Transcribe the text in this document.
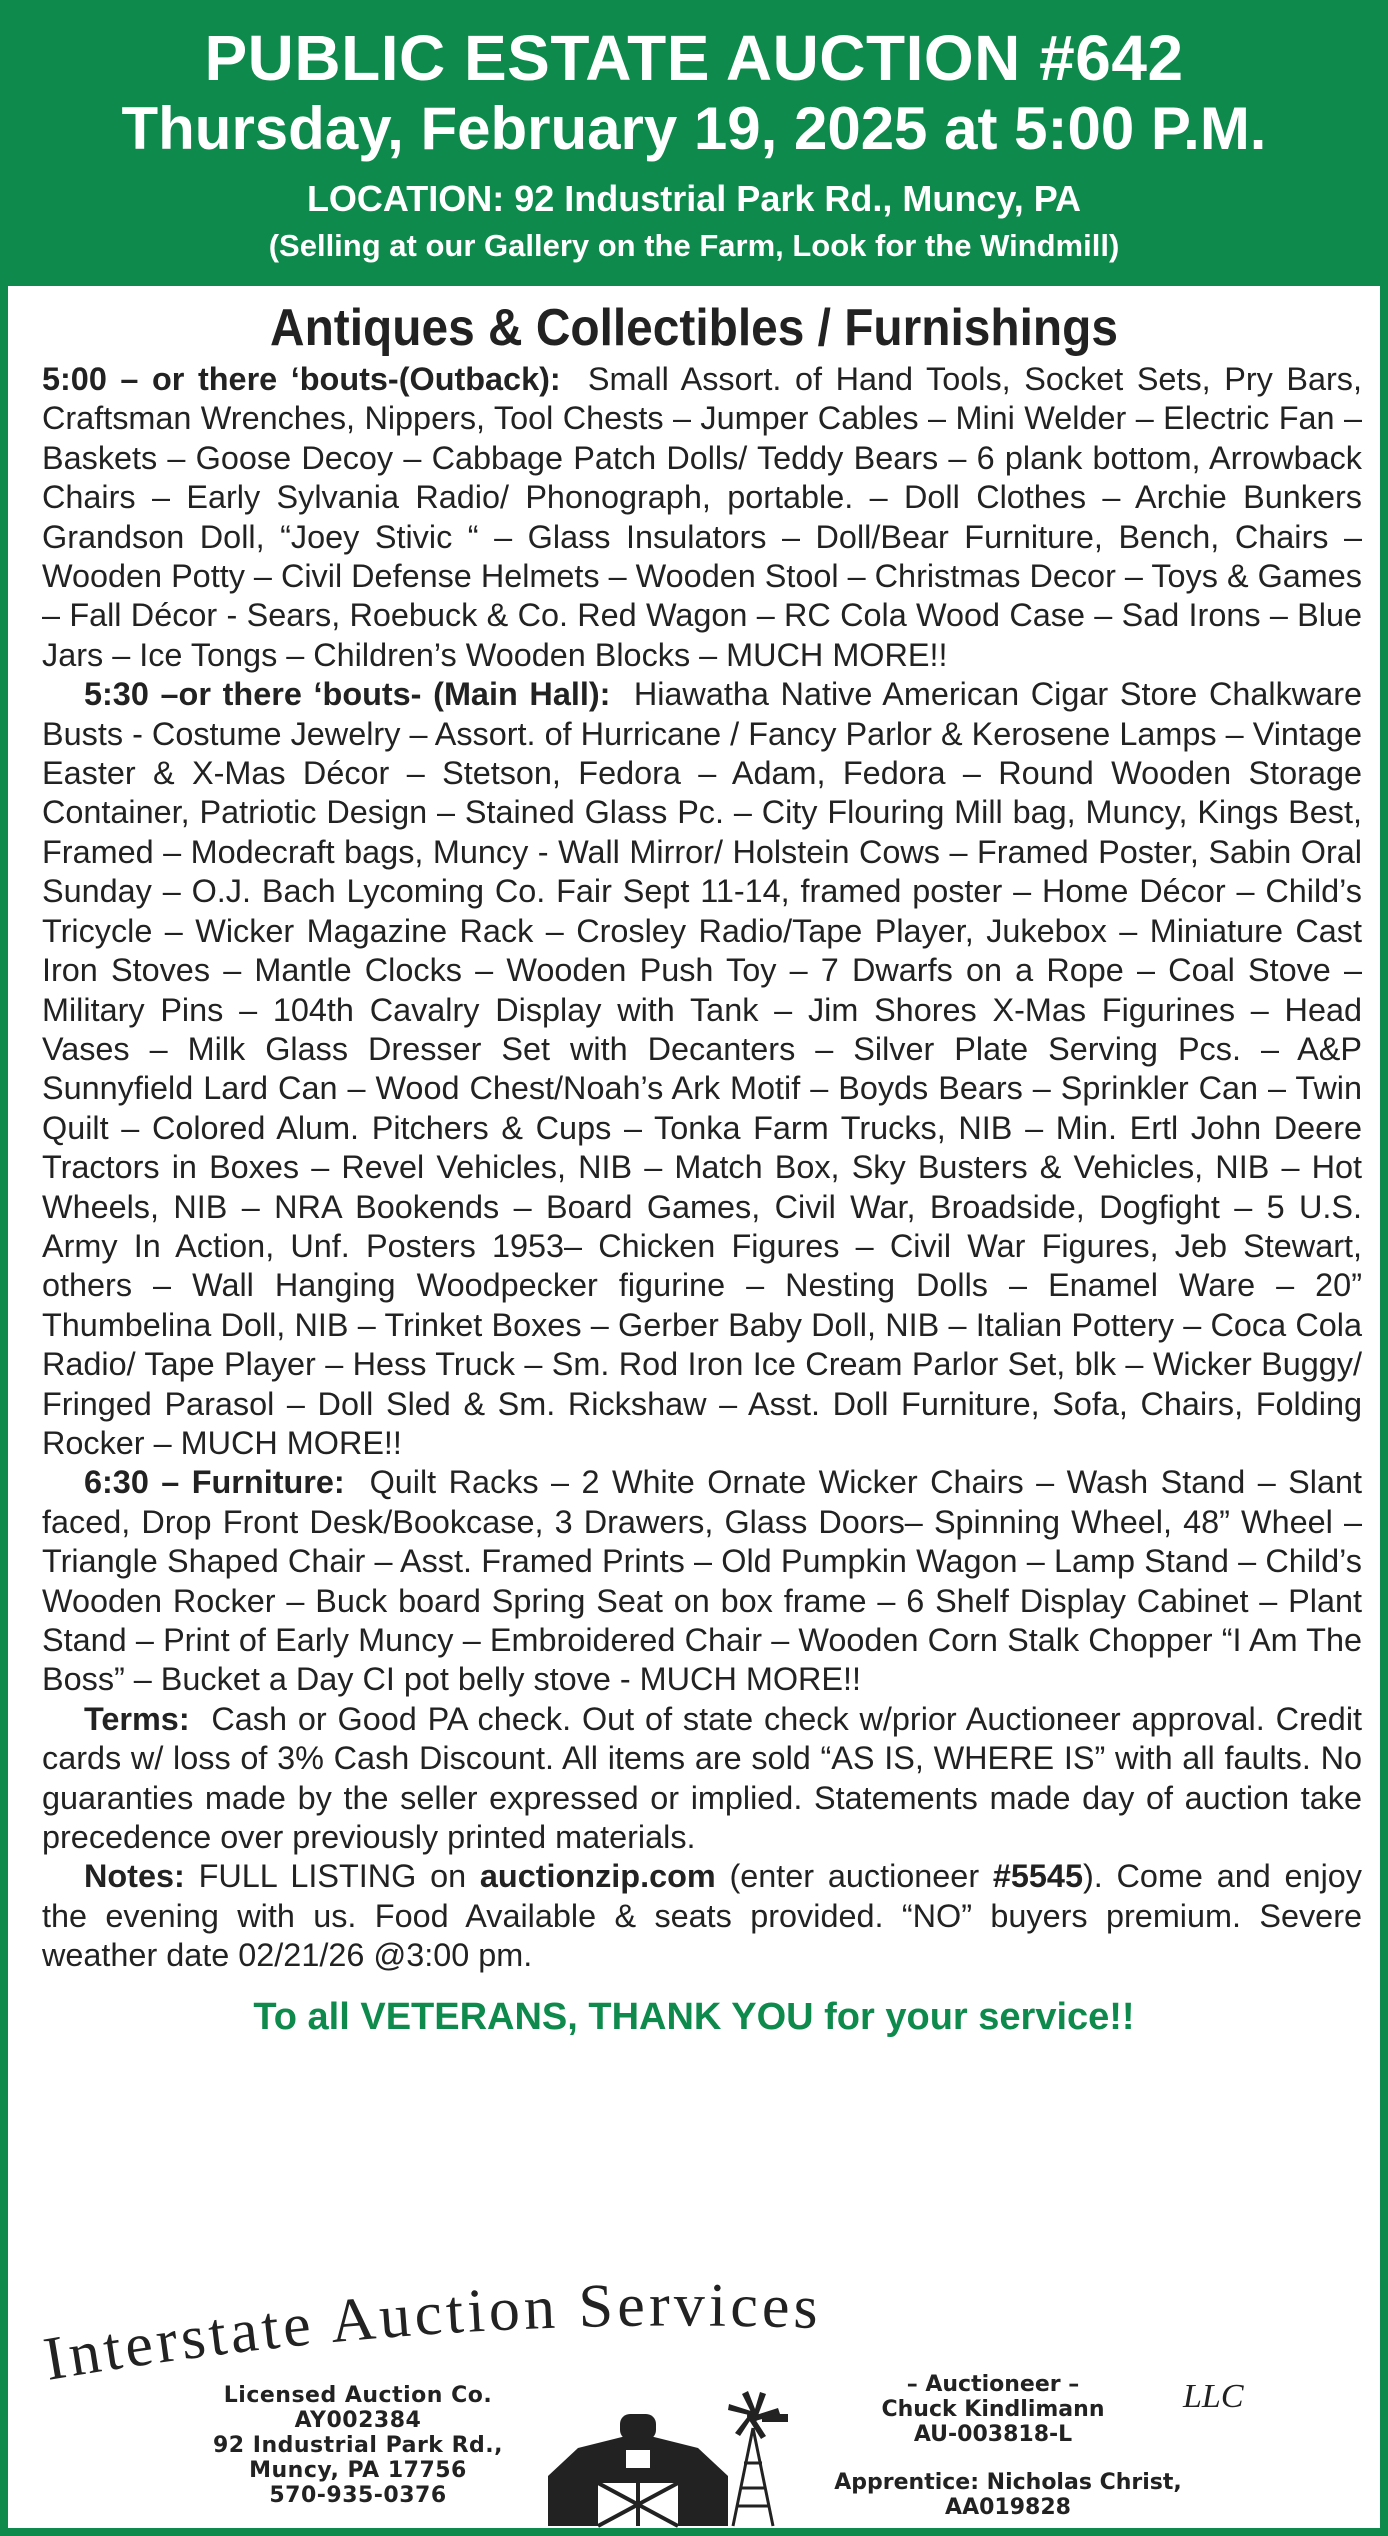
PUBLIC ESTATE AUCTION #642
Thursday, February 19, 2025 at 5:00 P.M.
LOCATION: 92 Industrial Park Rd., Muncy, PA
(Selling at our Gallery on the Farm, Look for the Windmill)
Antiques & Collectibles / Furnishings

5:00 – or there ‘bouts-(Outback): Small Assort. of Hand Tools, Socket Sets, Pry Bars, Craftsman Wrenches, Nippers, Tool Chests – Jumper Cables – Mini Welder – Electric Fan – Baskets – Goose Decoy – Cabbage Patch Dolls/ Teddy Bears – 6 plank bottom, Arrowback Chairs – Early Sylvania Radio/ Phonograph, portable. – Doll Clothes – Archie Bunkers Grandson Doll, “Joey Stivic “ – Glass Insulators – Doll/Bear Furniture, Bench, Chairs – Wooden Potty – Civil Defense Helmets – Wooden Stool – Christmas Decor – Toys & Games – Fall Décor - Sears, Roebuck & Co. Red Wagon – RC Cola Wood Case – Sad Irons – Blue Jars – Ice Tongs – Children’s Wooden Blocks – MUCH MORE!!

5:30 –or there ‘bouts- (Main Hall): Hiawatha Native American Cigar Store Chalkware Busts - Costume Jewelry – Assort. of Hurricane / Fancy Parlor & Kerosene Lamps – Vintage Easter & X-Mas Décor – Stetson, Fedora – Adam, Fedora – Round Wooden Storage Container, Patriotic Design – Stained Glass Pc. – City Flouring Mill bag, Muncy, Kings Best, Framed – Modecraft bags, Muncy - Wall Mirror/ Holstein Cows – Framed Poster, Sabin Oral Sunday – O.J. Bach Lycoming Co. Fair Sept 11-14, framed poster – Home Décor – Child’s Tricycle – Wicker Magazine Rack – Crosley Radio/Tape Player, Jukebox – Miniature Cast Iron Stoves – Mantle Clocks – Wooden Push Toy – 7 Dwarfs on a Rope – Coal Stove – Military Pins – 104th Cavalry Display with Tank – Jim Shores X-Mas Figurines – Head Vases – Milk Glass Dresser Set with Decanters – Silver Plate Serving Pcs. – A&P Sunnyfield Lard Can – Wood Chest/Noah’s Ark Motif – Boyds Bears – Sprinkler Can – Twin Quilt – Colored Alum. Pitchers & Cups – Tonka Farm Trucks, NIB – Min. Ertl John Deere Tractors in Boxes – Revel Vehicles, NIB – Match Box, Sky Busters & Vehicles, NIB – Hot Wheels, NIB – NRA Bookends – Board Games, Civil War, Broadside, Dogfight – 5 U.S. Army In Action, Unf. Posters 1953– Chicken Figures – Civil War Figures, Jeb Stewart, others – Wall Hanging Woodpecker figurine – Nesting Dolls – Enamel Ware – 20” Thumbelina Doll, NIB – Trinket Boxes – Gerber Baby Doll, NIB – Italian Pottery – Coca Cola Radio/ Tape Player – Hess Truck – Sm. Rod Iron Ice Cream Parlor Set, blk – Wicker Buggy/ Fringed Parasol – Doll Sled & Sm. Rickshaw – Asst. Doll Furniture, Sofa, Chairs, Folding Rocker – MUCH MORE!!

6:30 – Furniture: Quilt Racks – 2 White Ornate Wicker Chairs – Wash Stand – Slant faced, Drop Front Desk/Bookcase, 3 Drawers, Glass Doors– Spinning Wheel, 48” Wheel – Triangle Shaped Chair – Asst. Framed Prints – Old Pumpkin Wagon – Lamp Stand – Child’s Wooden Rocker – Buck board Spring Seat on box frame – 6 Shelf Display Cabinet – Plant Stand – Print of Early Muncy – Embroidered Chair – Wooden Corn Stalk Chopper “I Am The Boss” – Bucket a Day CI pot belly stove - MUCH MORE!!

Terms: Cash or Good PA check. Out of state check w/prior Auctioneer approval. Credit cards w/ loss of 3% Cash Discount. All items are sold “AS IS, WHERE IS” with all faults. No guaranties made by the seller expressed or implied. Statements made day of auction take precedence over previously printed materials.

Notes: FULL LISTING on auctionzip.com (enter auctioneer #5545). Come and enjoy the evening with us. Food Available & seats provided. “NO” buyers premium. Severe weather date 02/21/26 @3:00 pm.

To all VETERANS, THANK YOU for your service!!
Interstate Auction Services
LLC
Licensed Auction Co.
AY002384
92 Industrial Park Rd.,
Muncy, PA 17756
570-935-0376
– Auctioneer –
Chuck Kindlimann
AU-003818-L
Apprentice: Nicholas Christ,
AA019828
